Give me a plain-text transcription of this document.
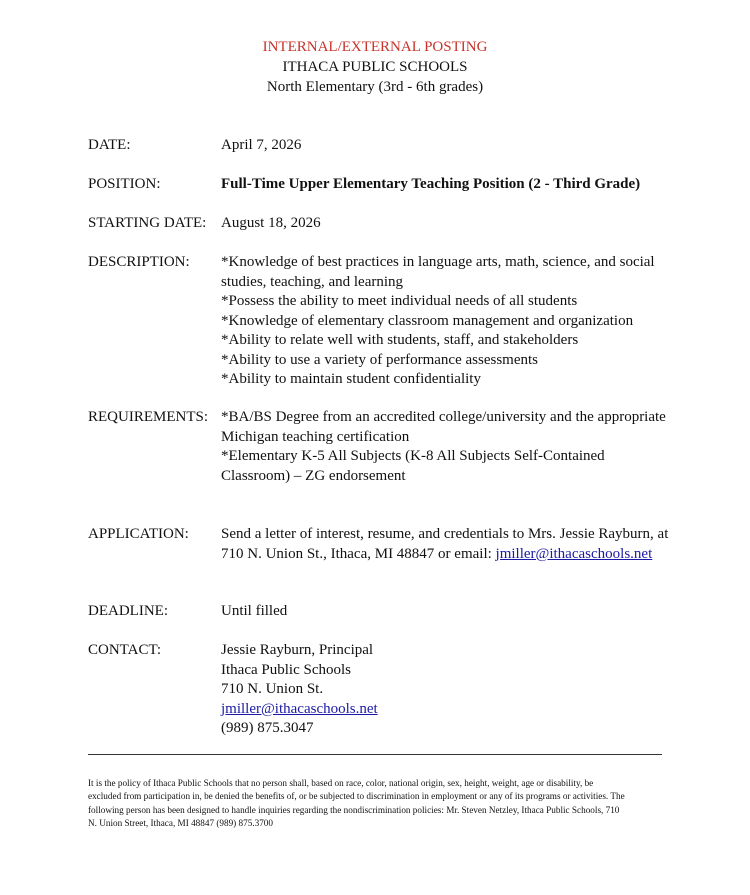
INTERNAL/EXTERNAL POSTING
ITHACA PUBLIC SCHOOLS
North Elementary (3rd - 6th grades)
DATE:	April 7, 2026
POSITION:	Full-Time Upper Elementary Teaching Position (2 - Third Grade)
STARTING DATE: August 18, 2026
DESCRIPTION: *Knowledge of best practices in language arts, math, science, and social
studies, teaching, and learning
*Possess the ability to meet individual needs of all students
*Knowledge of elementary classroom management and organization
*Ability to relate well with students, staff, and stakeholders
*Ability to use a variety of performance assessments
*Ability to maintain student confidentiality
REQUIREMENTS: *BA/BS Degree from an accredited college/university and the appropriate
Michigan teaching certification
*Elementary K-5 All Subjects (K-8 All Subjects Self-Contained
Classroom) – ZG endorsement
APPLICATION: Send a letter of interest, resume, and credentials to Mrs. Jessie Rayburn, at
710 N. Union St., Ithaca, MI 48847 or email: jmiller@ithacaschools.net
DEADLINE:	Until filled
CONTACT:	Jessie Rayburn, Principal
Ithaca Public Schools
710 N. Union St.
jmiller@ithacaschools.net
(989) 875.3047
It is the policy of Ithaca Public Schools that no person shall, based on race, color, national origin, sex, height, weight, age or disability, be
excluded from participation in, be denied the benefits of, or be subjected to discrimination in employment or any of its programs or activities. The
following person has been designed to handle inquiries regarding the nondiscrimination policies: Mr. Steven Netzley, Ithaca Public Schools, 710
N. Union Street, Ithaca, MI 48847 (989) 875.3700
